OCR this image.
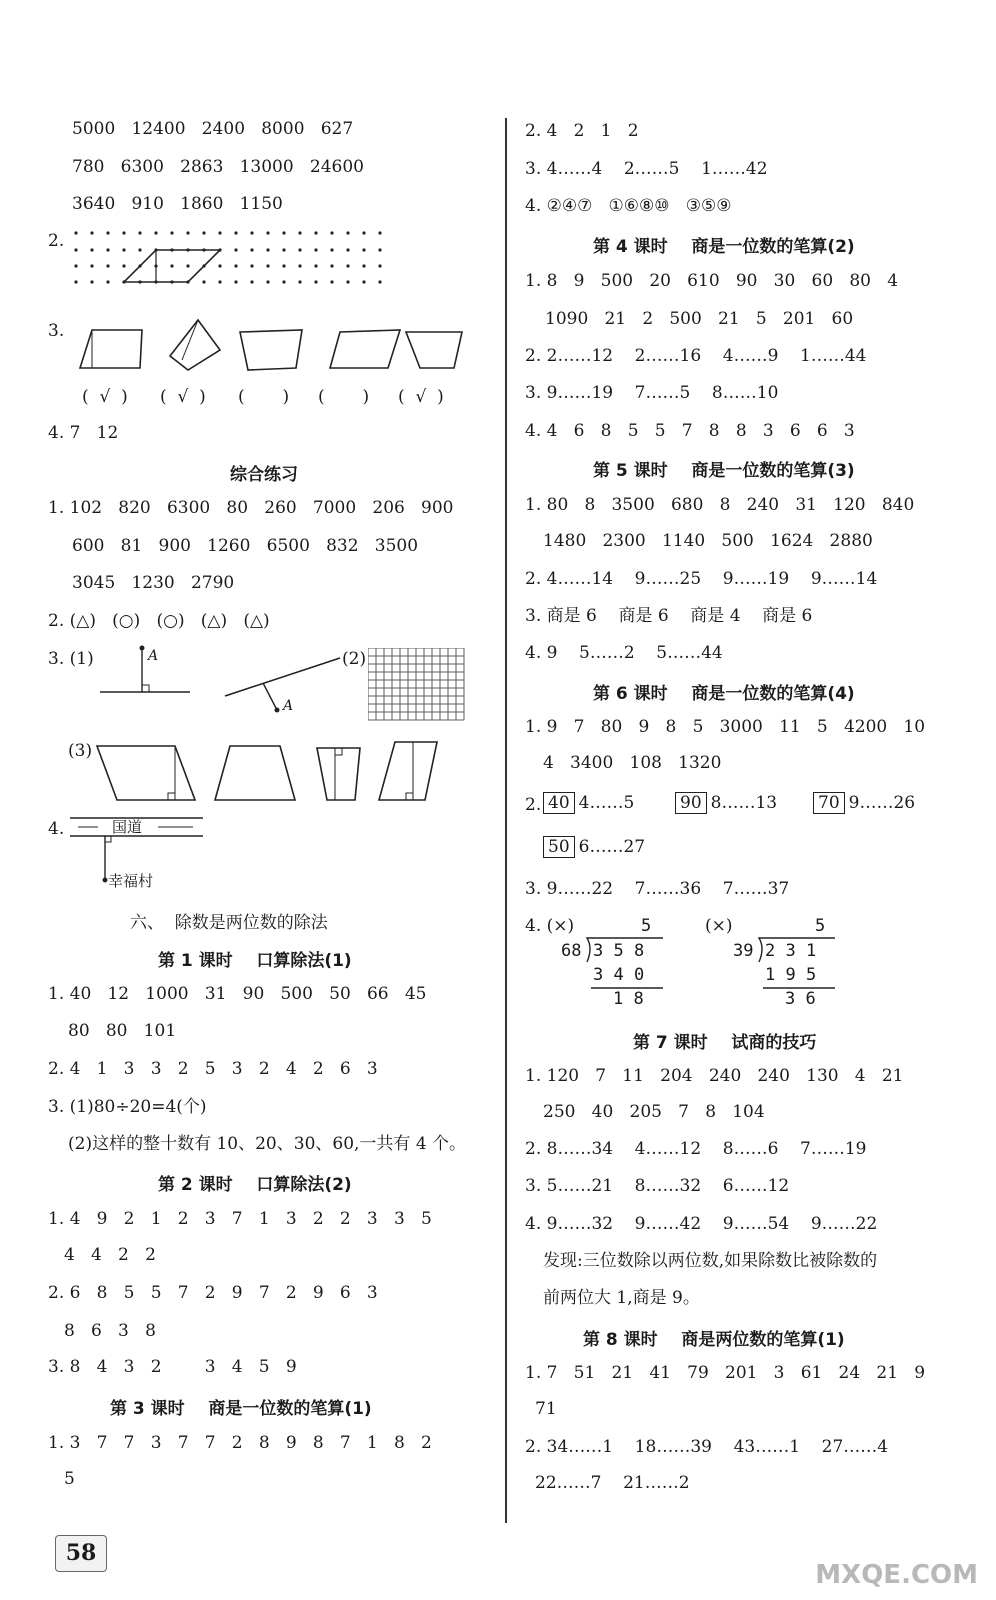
5000   12400   2400   8000   627
780   6300   2863   13000   24600
3640   910   1860   1150
2.
3.
(  √  ) (  √  ) (       ) (       ) (  √  )
4. 7   12
综合练习
1. 102   820   6300   80   260   7000   206   900
600   81   900   1260   6500   832   3500
3045   1230   2790
2. (△)   (○)   (○)   (△)   (△)
3. (1)	A
A
(2)
(3)
4.	国道
幸福村
六、  除数是两位数的除法
第 1 课时    口算除法(1)
1. 40   12   1000   31   90   500   50   66   45
80   80   101
2. 4   1   3   3   2   5   3   2   4   2   6   3
3. (1)80÷20=4(个)
(2)这样的整十数有 10、20、30、60,一共有 4 个。
第 2 课时    口算除法(2)
1. 4   9   2   1   2   3   7   1   3   2   2   3   3   5
4   4   2   2
2. 6   8   5   5   7   2   9   7   2   9   6   3
8   6   3   8
3. 8   4   3   2        3   4   5   9
第 3 课时    商是一位数的笔算(1)
1. 3   7   7   3   7   7   2   8   9   8   7   1   8   2
5
58
2. 4   2   1   2
3. 4……4    2……5    1……42
4. ②④⑦   ①⑥⑧⑩   ③⑤⑨
第 4 课时    商是一位数的笔算(2)
1. 8   9   500   20   610   90   30   60   80   4
1090   21   2   500   21   5   201   60
2. 2……12    2……16    4……9    1……44
3. 9……19    7……5    8……10
4. 4   6   8   5   5   7   8   8   3   6   6   3
第 5 课时    商是一位数的笔算(3)
1. 80   8   3500   680   8   240   31   120   840
1480   2300   1140   500   1624   2880
2. 4……14    9……25    9……19    9……14
3. 商是 6    商是 6    商是 4    商是 6
4. 9    5……2    5……44
第 6 课时    商是一位数的笔算(4)
1. 9   7   80   9   8   5   3000   11   5   4200   10
4   3400   108   1320
2. 40 4……5	90 8……13 70 9……26
50 6……27
3. 9……22    7……36    7……37
4. (×)	(×)
5
68 3 5 8
3 4 0
1 8
5
39 2 3 1
1 9 5
3 6
第 7 课时    试商的技巧
1. 120   7   11   204   240   240   130   4   21
250   40   205   7   8   104
2. 8……34    4……12    8……6    7……19
3. 5……21    8……32    6……12
4. 9……32    9……42    9……54    9……22
发现:三位数除以两位数,如果除数比被除数的
前两位大 1,商是 9。
第 8 课时    商是两位数的笔算(1)
1. 7   51   21   41   79   201   3   61   24   21   9
71
2. 34……1    18……39    43……1    27……4
22……7    21……2
MXQE.COM
